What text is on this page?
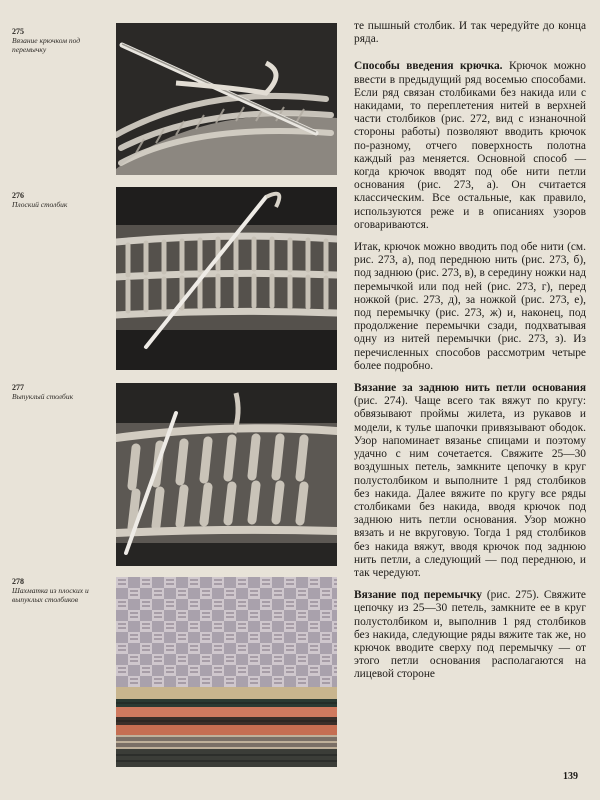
275
Вязание крючком под перемычку
276
Плоский столбик
277
Выпуклый столбик
278
Шахматка из плоских и выпуклых столбиков

те пышный столбик. И так чередуйте до конца ряда.

Способы введения крючка. Крючок можно ввести в предыдущий ряд восемью способами. Если ряд связан столбиками без накида или с накидами, то переплетения нитей в верхней части столбиков (рис. 272, вид с изнаночной стороны работы) позволяют вводить крючок по-разному, отчего поверхность полотна каждый раз меняется. Основной способ — когда крючок вводят под обе нити петли основания (рис. 273, а). Он считается классическим. Все остальные, как правило, используются реже и в описаниях узоров оговариваются.

Итак, крючок можно вводить под обе нити (см. рис. 273, а), под переднюю нить (рис. 273, б), под заднюю (рис. 273, в), в середину ножки над перемычкой или под ней (рис. 273, г), перед ножкой (рис. 273, д), за ножкой (рис. 273, е), под перемычку (рис. 273, ж) и, наконец, под продолжение перемычки сзади, подхватывая одну из нитей перемычки (рис. 273, з). Из перечисленных способов рассмотрим четыре более подробно.

Вязание за заднюю нить петли основания (рис. 274). Чаще всего так вяжут по кругу: обвязывают проймы жилета, из рукавов и модели, к тулье шапочки привязывают ободок. Узор напоминает вязанье спицами и поэтому удачно с ним сочетается. Свяжите 25—30 воздушных петель, замкните цепочку в круг полустолбиком и выполните 1 ряд столбиков без накида. Далее вяжите по кругу все ряды столбиками без накида, вводя крючок под заднюю нить петли основания. Узор можно вязать и не вкруговую. Тогда 1 ряд столбиков без накида вяжут, вводя крючок под заднюю нить петли, а следующий — под переднюю, и так чередуют.

Вязание под перемычку (рис. 275). Свяжите цепочку из 25—30 петель, замкните ее в круг полустолбиком и, выполнив 1 ряд столбиков без накида, следующие ряды вяжите так же, но крючок вводите сверху под перемычку — от этого петли основания располагаются на лицевой стороне

139
